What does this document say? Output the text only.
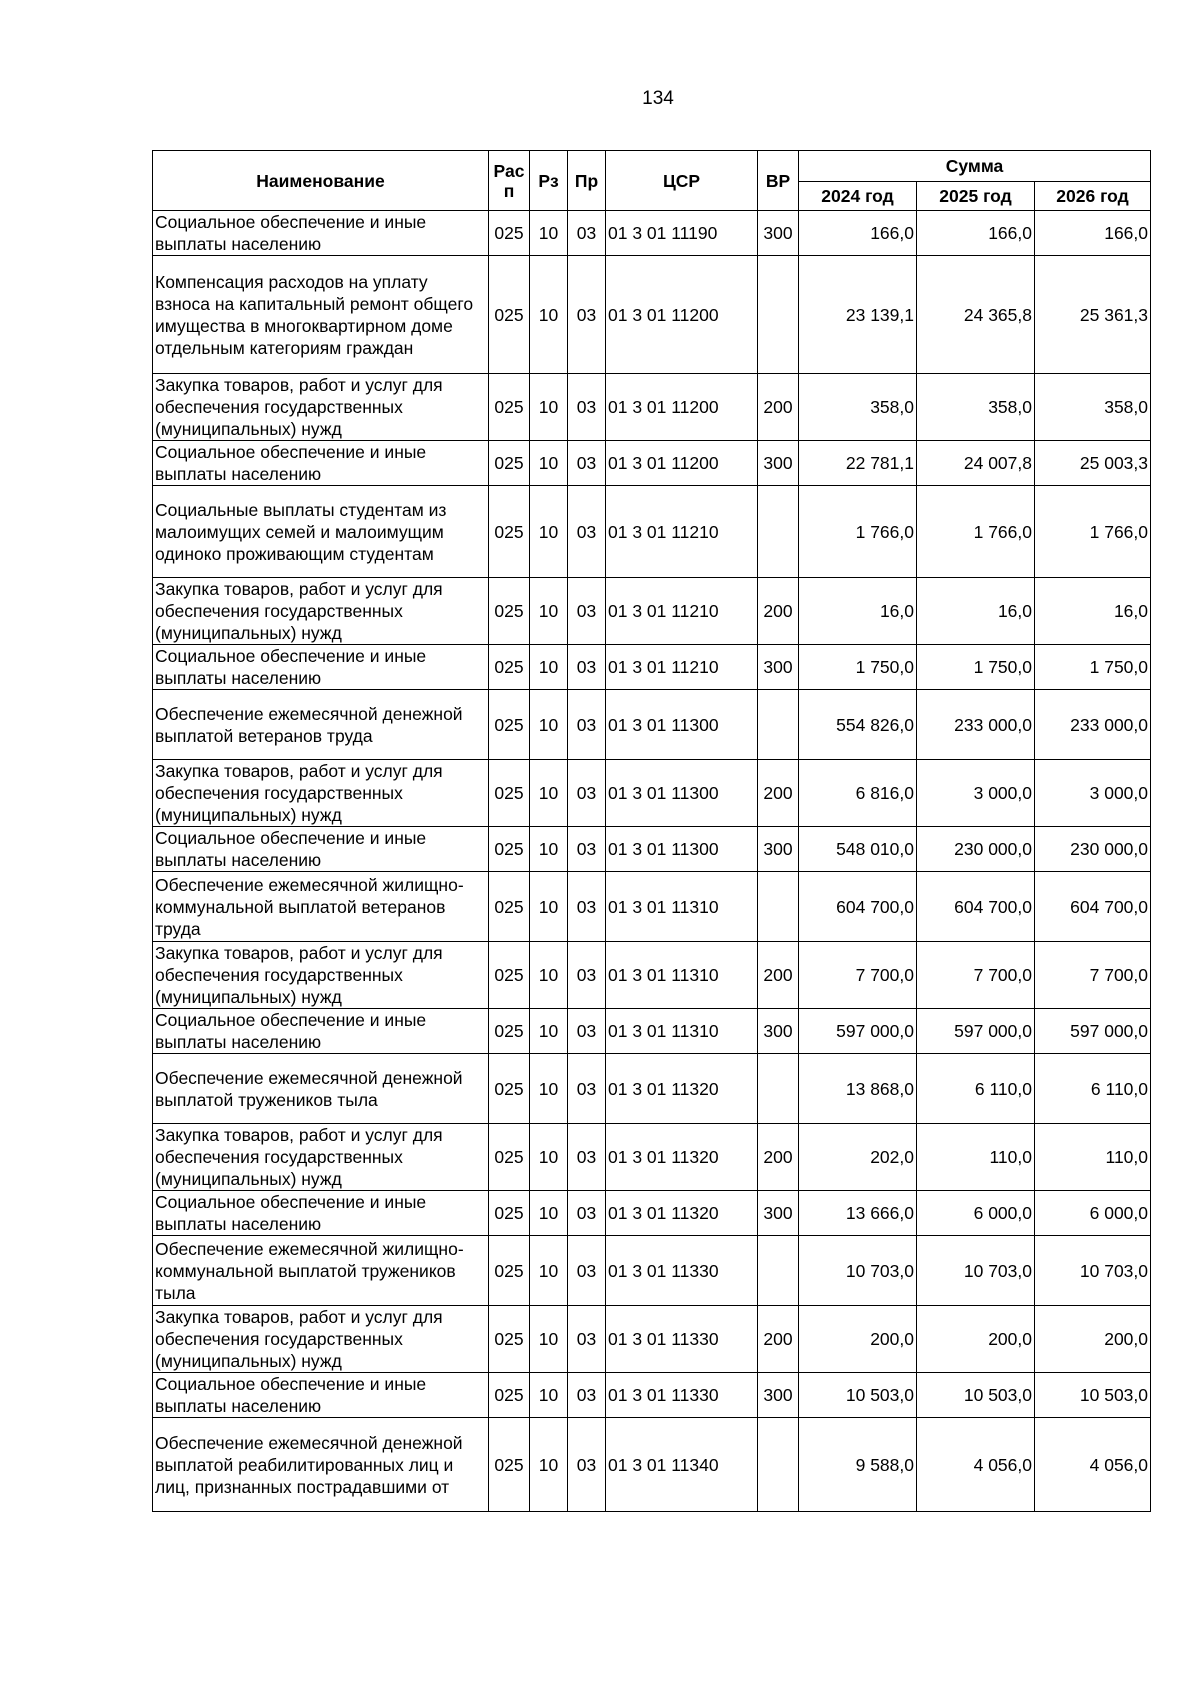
134
Наименование	Рас п	Рз	Пр	ЦСР	ВР	Сумма		
						2024 год	2025 год	2026 год
Социальное обеспечение и иные выплаты населению	025	10	03	01 3 01 11190	300	166,0	166,0	166,0
Компенсация расходов на уплату взноса на капитальный ремонт общего имущества в многоквартирном доме отдельным категориям граждан	025	10	03	01 3 01 11200		23 139,1	24 365,8	25 361,3
Закупка товаров, работ и услуг для обеспечения государственных (муниципальных) нужд	025	10	03	01 3 01 11200	200	358,0	358,0	358,0
Социальное обеспечение и иные выплаты населению	025	10	03	01 3 01 11200	300	22 781,1	24 007,8	25 003,3
Социальные выплаты студентам из малоимущих семей и малоимущим одиноко проживающим студентам	025	10	03	01 3 01 11210		1 766,0	1 766,0	1 766,0
Закупка товаров, работ и услуг для обеспечения государственных (муниципальных) нужд	025	10	03	01 3 01 11210	200	16,0	16,0	16,0
Социальное обеспечение и иные выплаты населению	025	10	03	01 3 01 11210	300	1 750,0	1 750,0	1 750,0
Обеспечение ежемесячной денежной выплатой ветеранов труда	025	10	03	01 3 01 11300		554 826,0	233 000,0	233 000,0
Закупка товаров, работ и услуг для обеспечения государственных (муниципальных) нужд	025	10	03	01 3 01 11300	200	6 816,0	3 000,0	3 000,0
Социальное обеспечение и иные выплаты населению	025	10	03	01 3 01 11300	300	548 010,0	230 000,0	230 000,0
Обеспечение ежемесячной жилищно-коммунальной выплатой ветеранов труда	025	10	03	01 3 01 11310		604 700,0	604 700,0	604 700,0
Закупка товаров, работ и услуг для обеспечения государственных (муниципальных) нужд	025	10	03	01 3 01 11310	200	7 700,0	7 700,0	7 700,0
Социальное обеспечение и иные выплаты населению	025	10	03	01 3 01 11310	300	597 000,0	597 000,0	597 000,0
Обеспечение ежемесячной денежной выплатой тружеников тыла	025	10	03	01 3 01 11320		13 868,0	6 110,0	6 110,0
Закупка товаров, работ и услуг для обеспечения государственных (муниципальных) нужд	025	10	03	01 3 01 11320	200	202,0	110,0	110,0
Социальное обеспечение и иные выплаты населению	025	10	03	01 3 01 11320	300	13 666,0	6 000,0	6 000,0
Обеспечение ежемесячной жилищно-коммунальной выплатой тружеников тыла	025	10	03	01 3 01 11330		10 703,0	10 703,0	10 703,0
Закупка товаров, работ и услуг для обеспечения государственных (муниципальных) нужд	025	10	03	01 3 01 11330	200	200,0	200,0	200,0
Социальное обеспечение и иные выплаты населению	025	10	03	01 3 01 11330	300	10 503,0	10 503,0	10 503,0
Обеспечение ежемесячной денежной выплатой реабилитированных лиц и лиц, признанных пострадавшими от	025	10	03	01 3 01 11340		9 588,0	4 056,0	4 056,0
